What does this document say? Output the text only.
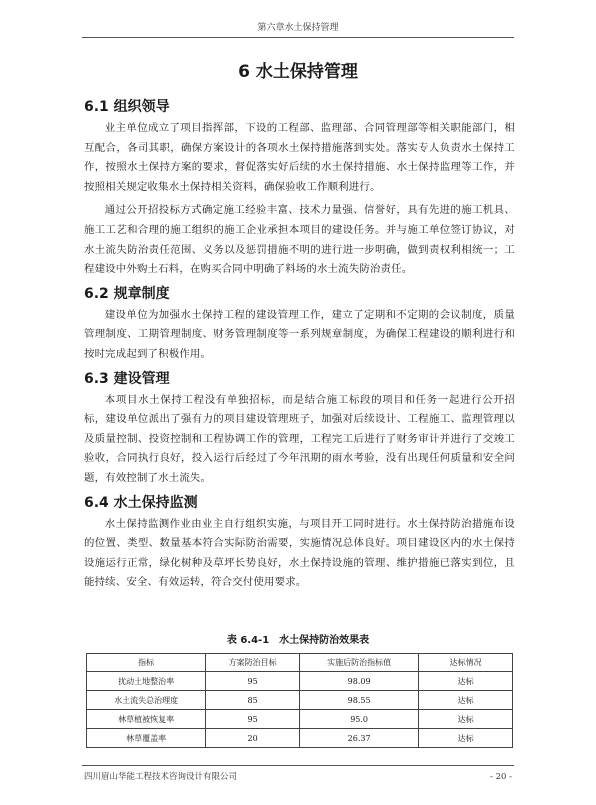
第六章水土保持管理
6 水土保持管理
6.1 组织领导

业主单位成立了项目指挥部，下设的工程部、监理部、合同管理部等相关职能部门，相互配合，各司其职，确保方案设计的各项水土保持措施落到实处。落实专人负责水土保持工作，按照水土保持方案的要求，督促落实好后续的水土保持措施、水土保持监理等工作，并按照相关规定收集水土保持相关资料，确保验收工作顺利进行。

通过公开招投标方式确定施工经验丰富、技术力量强、信誉好，具有先进的施工机具、施工工艺和合理的施工组织的施工企业承担本项目的建设任务。并与施工单位签订协议，对水土流失防治责任范围、义务以及惩罚措施不明的进行进一步明确，做到责权利相统一；工程建设中外购土石料，在购买合同中明确了料场的水土流失防治责任。

6.2 规章制度

建设单位为加强水土保持工程的建设管理工作，建立了定期和不定期的会议制度，质量管理制度、工期管理制度、财务管理制度等一系列规章制度，为确保工程建设的顺利进行和按时完成起到了积极作用。

6.3 建设管理

本项目水土保持工程没有单独招标，而是结合施工标段的项目和任务一起进行公开招标，建设单位派出了强有力的项目建设管理班子，加强对后续设计、工程施工、监理管理以及质量控制、投资控制和工程协调工作的管理，工程完工后进行了财务审计并进行了交竣工验收，合同执行良好，投入运行后经过了今年汛期的雨水考验，没有出现任何质量和安全问题，有效控制了水土流失。

6.4 水土保持监测

水土保持监测作业由业主自行组织实施，与项目开工同时进行。水土保持防治措施布设的位置、类型、数量基本符合实际防治需要，实施情况总体良好。项目建设区内的水土保持设施运行正常，绿化树种及草坪长势良好，水土保持设施的管理、维护措施已落实到位，且能持续、安全、有效运转，符合交付使用要求。

表 6.4-1　水土保持防治效果表
指标	方案防治目标	实施后防治指标值	达标情况
扰动土地整治率	95	98.09	达标
水土流失总治理度	85	98.55	达标
林草植被恢复率	95	95.0	达标
林草覆盖率	20	26.37	达标
四川眉山华能工程技术咨询设计有限公司	- 20 -
